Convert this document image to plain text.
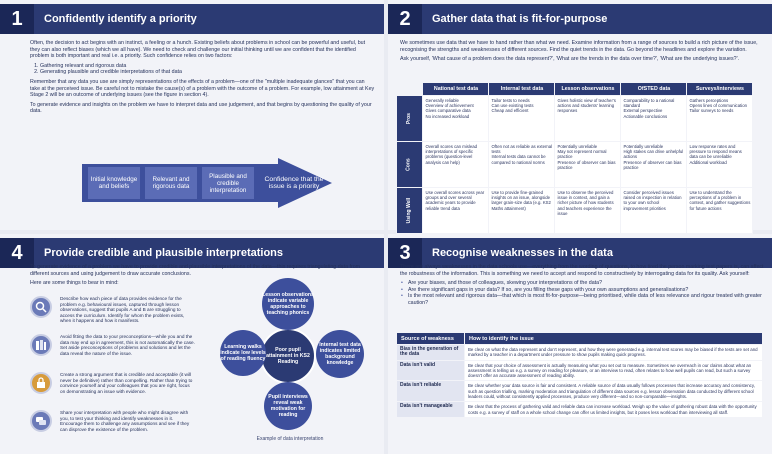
1	Confidently identify a priority

Often, the decision to act begins with an instinct, a feeling or a hunch. Existing beliefs about problems in school can be powerful and useful, but they can also reflect biases (which we all have). We need to check and challenge our initial thinking until we are confident that the identified problem is both important and real i.e. a priority. Such confidence relies on two factors:

1. Gathering relevant and rigorous data
2. Generating plausible and credible interpretations of that data

Remember that any data you use are simply representations of the effects of a problem—one of the "multiple inadequate glances" that you can take at the perceived issue. Be careful not to mistake the cause(s) of a problem with the outcome of a problem. For example, low attainment at Key Stage 2 will be an outcome of underlying issues (see the figure in section 4).

To generate evidence and insights on the problem we have to interpret data and use judgement, and that begins by questioning the quality of your data.

Initial knowledge and beliefs
Relevant and rigorous data
Plausible and credible interpretation
Confidence that the issue is a priority
2	Gather data that is fit-for-purpose

We sometimes use data that we have to hand rather than what we need. Examine information from a range of sources to build a rich picture of the issue, recognising the strengths and weaknesses of different sources. Find the quiet trends in the data. Go beyond the headlines and explore the variation.

Ask yourself, 'What cause of a problem does the data represent?', 'What are the trends in the data over time?', 'What are the underlying issues?'.

	National test data	Internal test data	Lesson observations	OfSTED data	Surveys/interviews
Pros	Generally reliable
Overview of achievement
Gives comparative data
No increased workload	Tailor tests to needs
Can use existing tests
Cheap and efficient	Gives holistic view of teacher's actions and students' learning responses	Comparability to a national standard
External perspective
Actionable conclusions	Gathers perceptions
Opens lines of communication
Tailor surveys to needs
Cons	Overall scores can mislead interpretations of specific problems (question-level analysis can help)	Often not as reliable as external tests
Internal tests data cannot be compared to national norms	Potentially unreliable
May not represent normal practice
Presence of observer can bias practice	Potentially unreliable
High stakes can drive unhelpful actions
Presence of observer can bias practice	Low response rates and pressure to respond means data can be unreliable
Additional workload
Using Well	Use overall scores across year groups and over several academic years to provide reliable trend data	Use to provide fine-grained insights on an issue, alongside larger grain-size data (e.g. KS2 Maths attainment)	Use to observe the perceived issue in context, and gain a richer picture of how students and teachers experience the issue	Consider perceived issues raised on inspection in relation to your own school improvement priorities	Use to understand the perceptions of a problem in context, and gather suggestions for future actions
4	Provide credible and plausible interpretations

To generate evidence of a problem we have to provide credible and plausible interpretations of the data—this requires triangulating data from different sources and using judgement to draw accurate conclusions.

Here are some things to bear in mind:

Describe how each piece of data provides evidence for the problem e.g. behavioural issues, captured through lesson observations, suggest that pupils A and B are struggling to access the curriculum. Identify for whom the problem exists, when it happens and how it manifests.
Avoid fitting the data to your preconceptions—while you and the data may end up in agreement, this is not automatically the case. Set aside preconceptions of problems and solutions and let the data reveal the nature of the issue.
Create a strong argument that is credible and acceptable (it will never be definitive) rather than compelling. Rather than trying to convince yourself and your colleagues that you are right, focus on demonstrating an issue with evidence.
Share your interpretation with people who might disagree with you, to test your thinking and identify weaknesses in it. Encourage them to challenge any assumptions and see if they can disprove the existence of the problem.
Poor pupil attainment in KS2 Reading
Lesson observations indicate variable approaches to teaching phonics
Learning walks indicate low levels of reading fluency
Internal test data indicates limited background knowledge
Pupil interviews reveal weak motivation for reading
Example of data interpretation
3	Recognise weaknesses in the data

There are always weaknesses in the data schools use—everything from the wording of questions, to how tired the person marking test papers is, can affect the robustness of the information. This is something we need to accept and respond to constructively by interrogating data for its quality. Ask yourself:

• Are your biases, and those of colleagues, skewing your interpretations of the data?
• Are there significant gaps in your data? If so, are you filling these gaps with your own assumptions and generalisations?
• Is the most relevant and rigorous data—that which is most fit-for-purpose—being prioritised, while data of less relevance and rigour treated with greater caution?
Source of weakness	How to identify the issue
Bias in the generation of the data	Be clear on what the data represent and don't represent, and how they were generated e.g. internal test scores may be biased if the tests are set and marked by a teacher in a department under pressure to show pupils making quick progress.
Data isn't valid	Be clear that your choice of assessment is actually measuring what you set out to measure. Sometimes we overreach in our claims about what an assessment is telling us e.g. a survey on reading for pleasure, or an interview to read, often relates to how well pupils can read, but such a survey doesn't offer an accurate assessment of reading ability.
Data isn't reliable	Be clear whether your data source is fair and consistent. A reliable source of data usually follows processes that increase accuracy and consistency, such as question trialling, marking moderation and triangulation of different data sources e.g. lesson observation data conducted by different school leaders could, without consistently applied processes, produce very different—and so non-comparable—insights.
Data isn't manageable	Be clear that the process of gathering valid and reliable data can increase workload. Weigh up the value of gathering robust data with the opportunity costs e.g. a survey of staff on a whole school change can offer us limited insights, but it poses less workload than interviewing all staff.
